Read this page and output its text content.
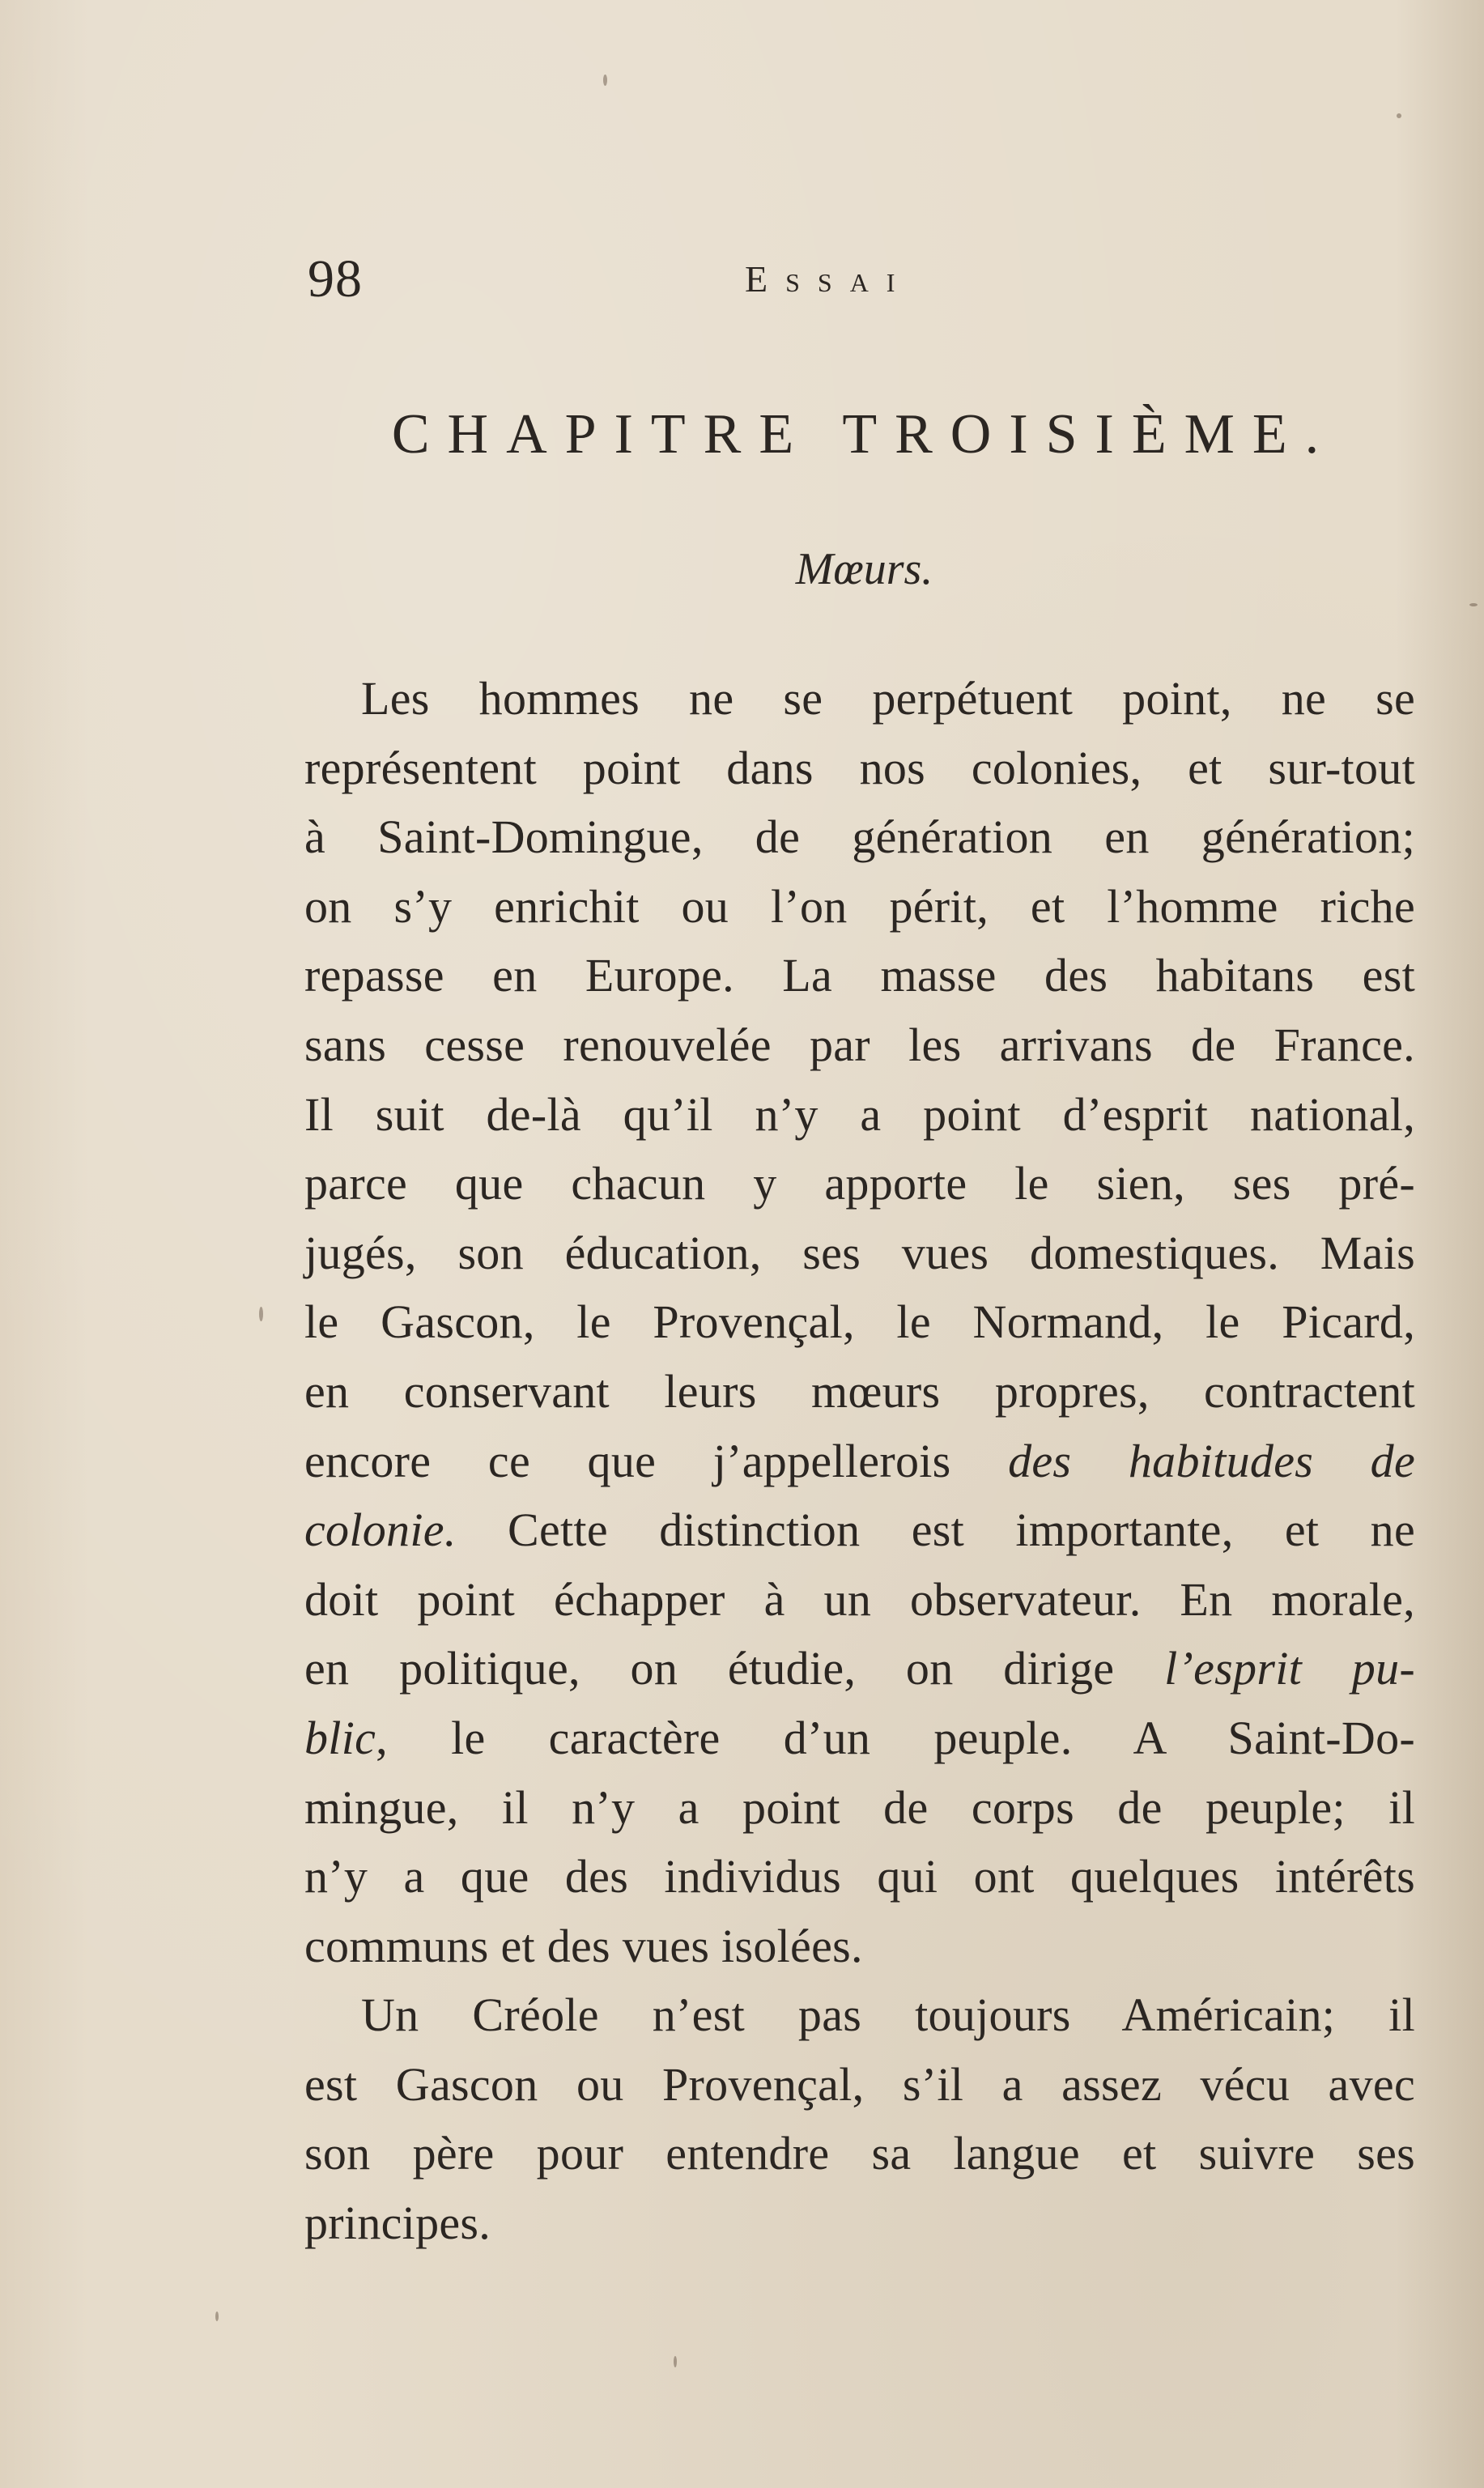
98	Essai
CHAPITRE TROISIÈME.
Mœurs.
Les hommes ne se perpétuent point, ne se
représentent point dans nos colonies, et sur-tout
à Saint-Domingue, de génération en génération;
on s’y enrichit ou l’on périt, et l’homme riche
repasse en Europe. La masse des habitans est
sans cesse renouvelée par les arrivans de France.
Il suit de-là qu’il n’y a point d’esprit national,
parce que chacun y apporte le sien, ses pré-
jugés, son éducation, ses vues domestiques. Mais
le Gascon, le Provençal, le Normand, le Picard,
en conservant leurs mœurs propres, contractent
encore ce que j’appellerois des habitudes de
colonie. Cette distinction est importante, et ne
doit point échapper à un observateur. En morale,
en politique, on étudie, on dirige l’esprit pu-
blic, le caractère d’un peuple. A Saint-Do-
mingue, il n’y a point de corps de peuple; il
n’y a que des individus qui ont quelques intérêts
communs et des vues isolées.
Un Créole n’est pas toujours Américain; il
est Gascon ou Provençal, s’il a assez vécu avec
son père pour entendre sa langue et suivre ses
principes.
